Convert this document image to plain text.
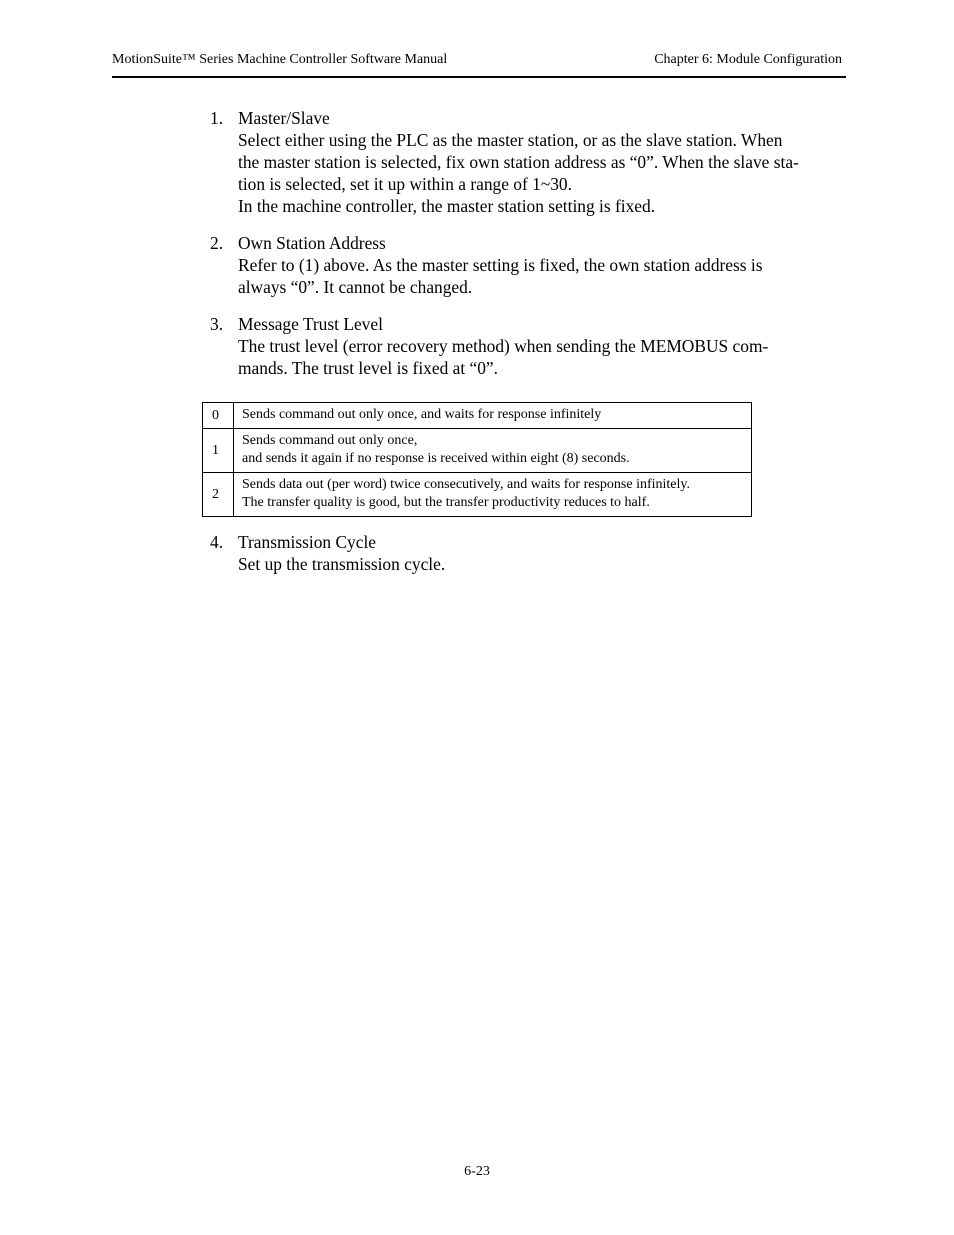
MotionSuite™ Series Machine Controller Software Manual	Chapter 6: Module Configuration
1. Master/Slave
Select either using the PLC as the master station, or as the slave station. When
the master station is selected, fix own station address as “0”. When the slave sta-
tion is selected, set it up within a range of 1~30.
In the machine controller, the master station setting is fixed.
2. Own Station Address
Refer to (1) above. As the master setting is fixed, the own station address is
always “0”. It cannot be changed.
3. Message Trust Level
The trust level (error recovery method) when sending the MEMOBUS com-
mands. The trust level is fixed at “0”.
0	Sends command out only once, and waits for response infinitely

1	Sends command out only once,
and sends it again if no response is received within eight (8) seconds.

2	Sends data out (per word) twice consecutively, and waits for response infinitely.
The transfer quality is good, but the transfer productivity reduces to half.
4. Transmission Cycle
Set up the transmission cycle.
6-23
